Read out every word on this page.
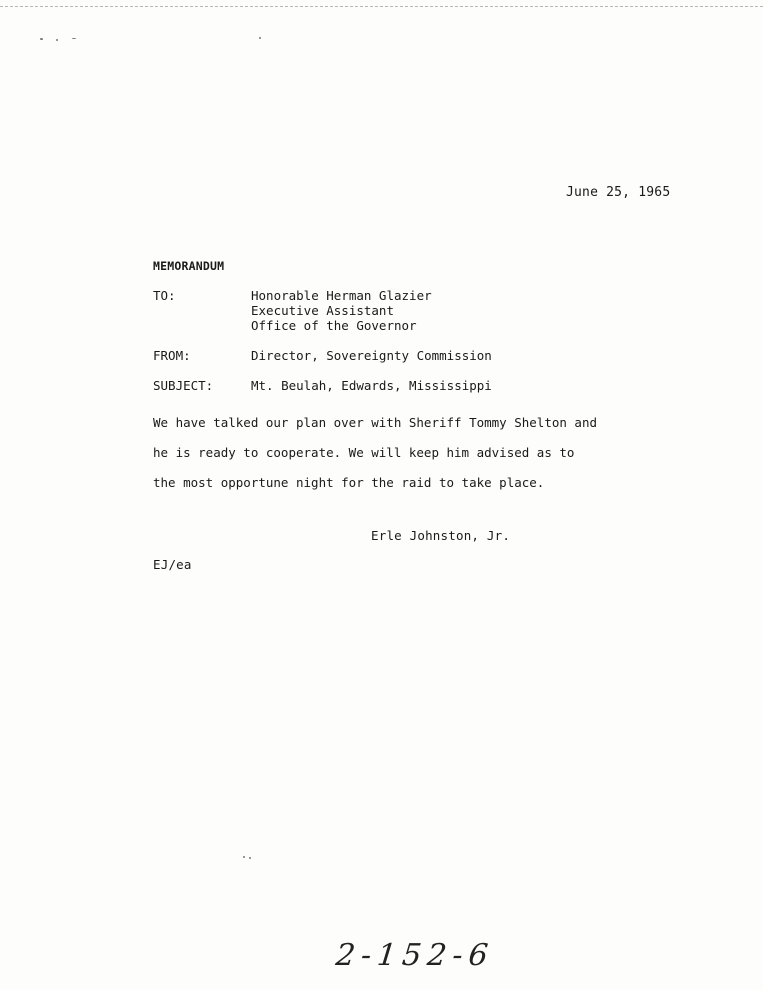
June 25, 1965
MEMORANDUM
TO:	Honorable Herman Glazier
Executive Assistant
Office of the Governor
FROM:	Director, Sovereignty Commission
SUBJECT:	Mt. Beulah, Edwards, Mississippi
We have talked our plan over with Sheriff Tommy Shelton and
he is ready to cooperate. We will keep him advised as to
the most opportune night for the raid to take place.
Erle Johnston, Jr.
EJ/ea
2-152-6
